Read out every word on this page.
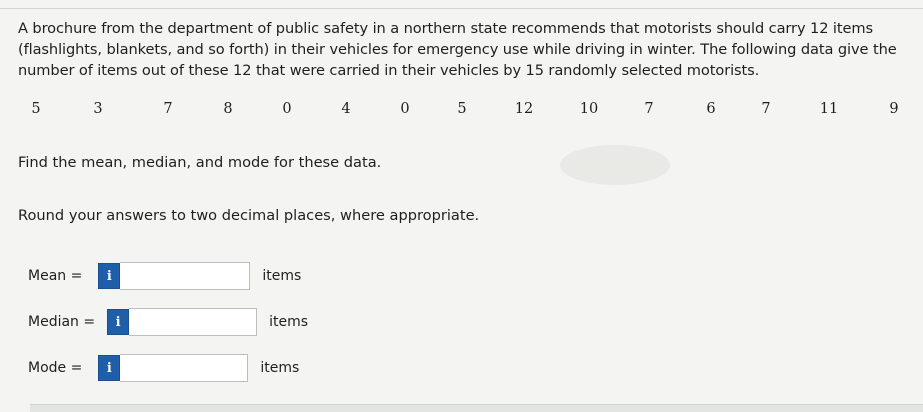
A brochure from the department of public safety in a northern state recommends that motorists should carry 12 items (flashlights, blankets, and so forth) in their vehicles for emergency use while driving in winter. The following data give the number of items out of these 12 that were carried in their vehicles by 15 randomly selected motorists.
5	3	7	8	0	4	0	5	12	10	7	6	7	11	9
Find the mean, median, and mode for these data.
Round your answers to two decimal places, where appropriate.
Mean =	i	items
Median =	i	items
Mode =	i	items
